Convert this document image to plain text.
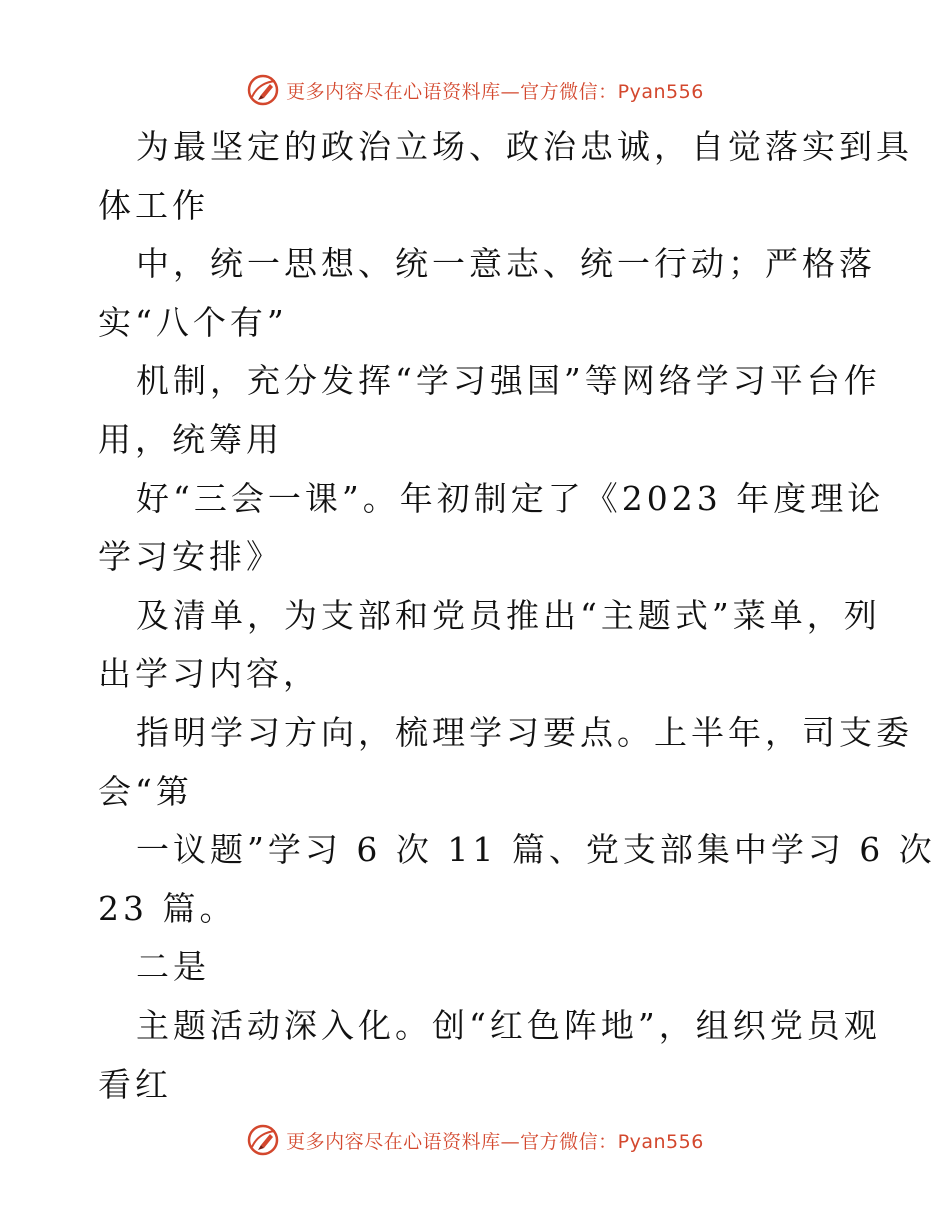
更多内容尽在心语资料库—官方微信：Pyan556
为最坚定的政治立场、政治忠诚，自觉落实到具
体工作
中，统一思想、统一意志、统一行动；严格落
实“八个有”
机制，充分发挥“学习强国”等网络学习平台作
用，统筹用
好“三会一课”。年初制定了《2023 年度理论
学习安排》
及清单，为支部和党员推出“主题式”菜单，列
出学习内容，
指明学习方向，梳理学习要点。上半年，司支委
会“第
一议题”学习 6 次 11 篇、党支部集中学习 6 次
23 篇。
二是
主题活动深入化。创“红色阵地”，组织党员观
看红
更多内容尽在心语资料库—官方微信：Pyan556
